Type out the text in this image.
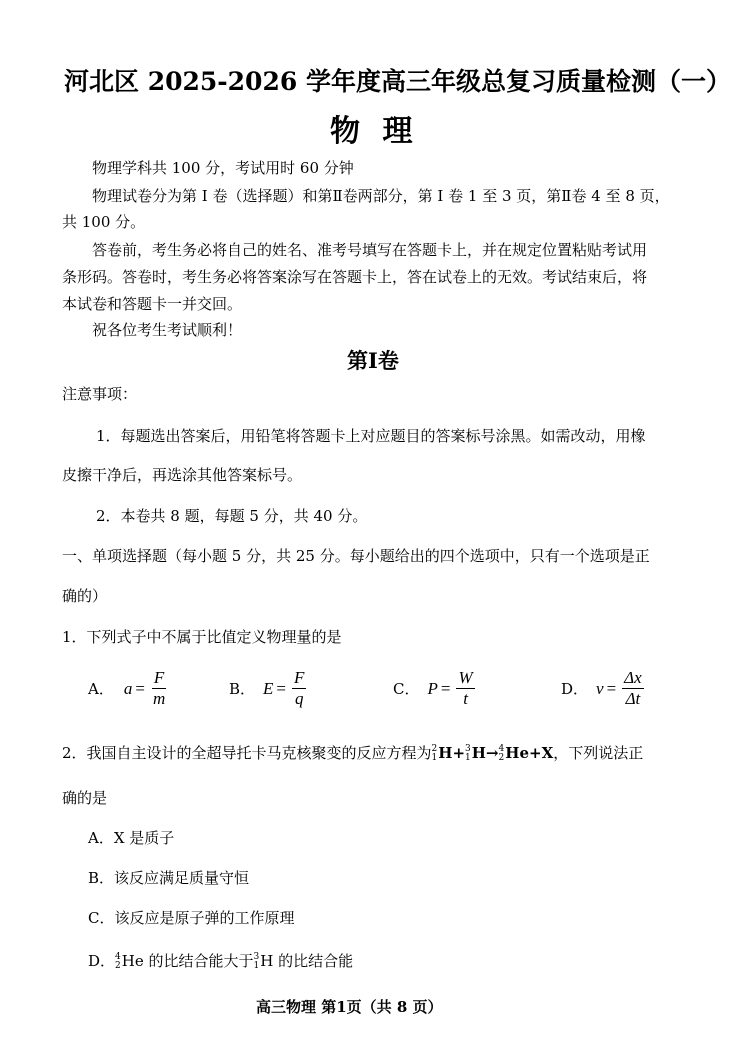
河北区 2025-2026 学年度高三年级总复习质量检测（一）
物 理
物理学科共 100 分，考试用时 60 分钟
物理试卷分为第 Ⅰ 卷（选择题）和第Ⅱ卷两部分，第 Ⅰ 卷 1 至 3 页，第Ⅱ卷 4 至 8 页，
共 100 分。
答卷前，考生务必将自己的姓名、准考号填写在答题卡上，并在规定位置粘贴考试用
条形码。答卷时，考生务必将答案涂写在答题卡上，答在试卷上的无效。考试结束后，将
本试卷和答题卡一并交回。
祝各位考生考试顺利！
第Ⅰ卷
注意事项：
1．每题选出答案后，用铅笔将答题卡上对应题目的答案标号涂黑。如需改动，用橡
皮擦干净后，再选涂其他答案标号。
2．本卷共 8 题，每题 5 分，共 40 分。
一、单项选择题（每小题 5 分，共 25 分。每小题给出的四个选项中，只有一个选项是正
确的）
1．下列式子中不属于比值定义物理量的是
A． $a = \frac{F}{m}$	B． $E = \frac{F}{q}$	C． $P = \frac{W}{t}$	D． $v = \frac{\Delta x}{\Delta t}$
2．我国自主设计的全超导托卡马克核聚变的反应方程为 2
1 H+ 3
1 H→ 4
2 He+X，下列说法正
确的是
A．X 是质子
B．该反应满足质量守恒
C．该反应是原子弹的工作原理
D． 4
2 He 的比结合能大于 3
1 H 的比结合能
高三物理 第1页（共 8 页）
